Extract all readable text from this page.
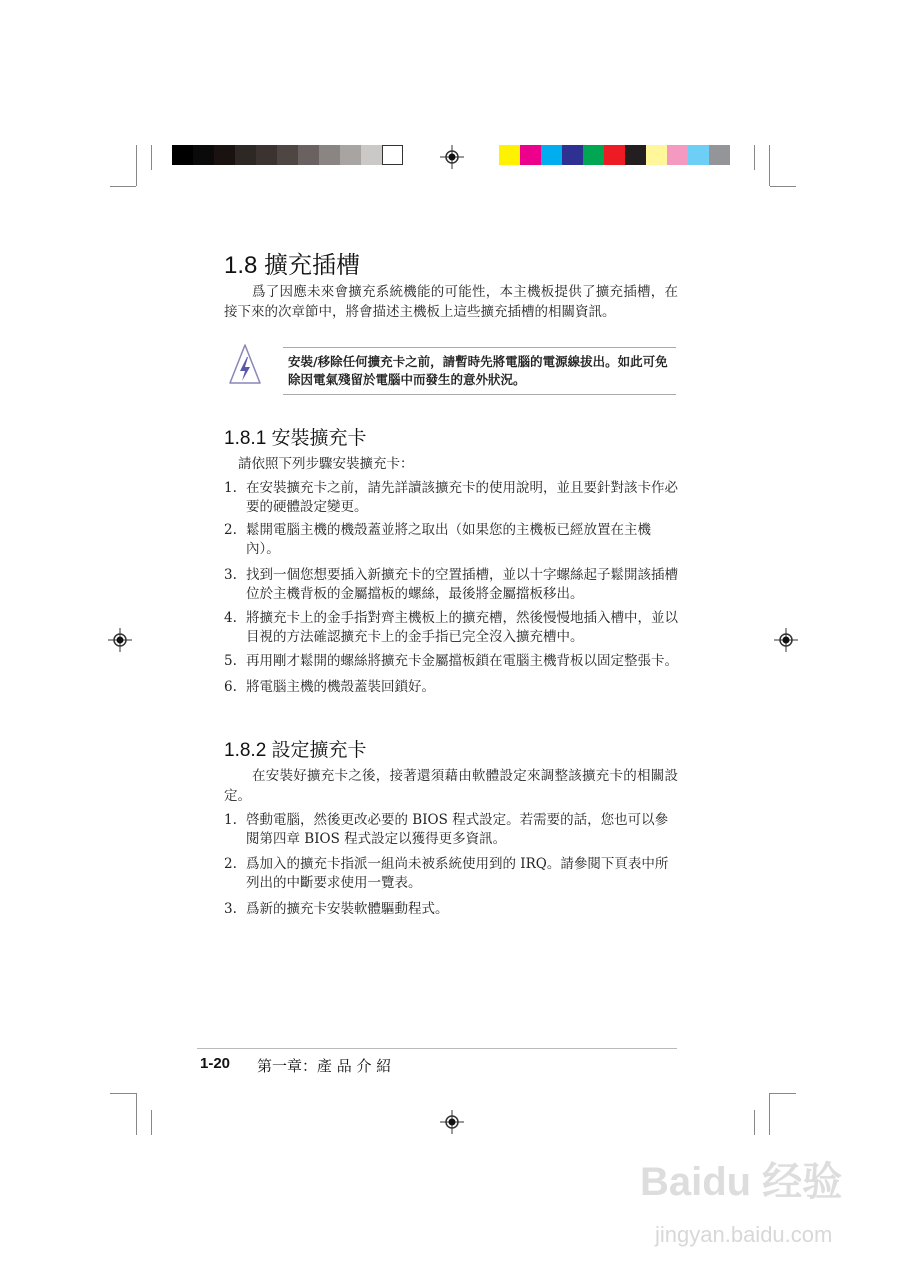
1.8 擴充插槽
爲了因應未來會擴充系統機能的可能性，本主機板提供了擴充插槽，在接下來的次章節中，將會描述主機板上這些擴充插槽的相關資訊。

安裝/移除任何擴充卡之前，請暫時先將電腦的電源線拔出。如此可免除因電氣殘留於電腦中而發生的意外狀況。

1.8.1 安裝擴充卡
請依照下列步驟安裝擴充卡：
1. 在安裝擴充卡之前，請先詳讀該擴充卡的使用說明，並且要針對該卡作必要的硬體設定變更。
2. 鬆開電腦主機的機殼蓋並將之取出（如果您的主機板已經放置在主機內）。
3. 找到一個您想要插入新擴充卡的空置插槽，並以十字螺絲起子鬆開該插槽位於主機背板的金屬擋板的螺絲，最後將金屬擋板移出。
4. 將擴充卡上的金手指對齊主機板上的擴充槽，然後慢慢地插入槽中，並以目視的方法確認擴充卡上的金手指已完全沒入擴充槽中。
5. 再用剛才鬆開的螺絲將擴充卡金屬擋板鎖在電腦主機背板以固定整張卡。
6. 將電腦主機的機殼蓋裝回鎖好。
1.8.2 設定擴充卡
在安裝好擴充卡之後，接著還須藉由軟體設定來調整該擴充卡的相關設定。
1. 啓動電腦，然後更改必要的 BIOS 程式設定。若需要的話，您也可以參閱第四章 BIOS 程式設定以獲得更多資訊。
2. 爲加入的擴充卡指派一組尚未被系統使用到的 IRQ。請參閱下頁表中所列出的中斷要求使用一覽表。
3. 爲新的擴充卡安裝軟體驅動程式。
1-20 第一章：產 品 介 紹
Baidu 经验
jingyan.baidu.com
